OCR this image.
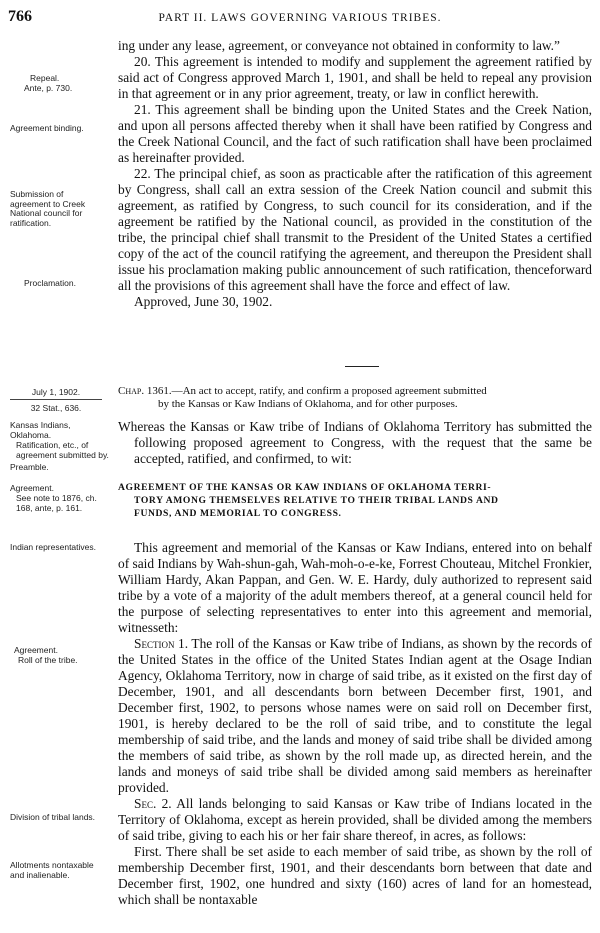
766	PART II. LAWS GOVERNING VARIOUS TRIBES.
Repeal.
Ante, p. 730.
Agreement binding.
Submission of agreement to Creek National council for ratification.
Proclamation.
July 1, 1902.
32 Stat., 636.
Kansas Indians, Oklahoma.
Ratification, etc., of agreement submitted by.
Preamble.
Agreement.
See note to 1876, ch. 168, ante, p. 161.
Indian representatives.
Agreement.
Roll of the tribe.
Division of tribal lands.
Allotments nontaxable and inalienable.

ing under any lease, agreement, or conveyance not obtained in conformity to law.”

20. This agreement is intended to modify and supplement the agreement ratified by said act of Congress approved March 1, 1901, and shall be held to repeal any provision in that agreement or in any prior agreement, treaty, or law in conflict herewith.

21. This agreement shall be binding upon the United States and the Creek Nation, and upon all persons affected thereby when it shall have been ratified by Congress and the Creek National Council, and the fact of such ratification shall have been proclaimed as hereinafter provided.

22. The principal chief, as soon as practicable after the ratification of this agreement by Congress, shall call an extra session of the Creek Nation council and submit this agreement, as ratified by Congress, to such council for its consideration, and if the agreement be ratified by the National council, as provided in the constitution of the tribe, the principal chief shall transmit to the President of the United States a certified copy of the act of the council ratifying the agreement, and thereupon the President shall issue his proclamation making public announcement of such ratification, thenceforward all the provisions of this agreement shall have the force and effect of law.

Approved, June 30, 1902.

Chap. 1361.—An act to accept, ratify, and confirm a proposed agreement submitted
by the Kansas or Kaw Indians of Oklahoma, and for other purposes.

Whereas the Kansas or Kaw tribe of Indians of Oklahoma Territory has submitted the following proposed agreement to Congress, with the request that the same be accepted, ratified, and confirmed, to wit:

AGREEMENT OF THE KANSAS OR KAW INDIANS OF OKLAHOMA TERRI-
TORY AMONG THEMSELVES RELATIVE TO THEIR TRIBAL LANDS AND
FUNDS, AND MEMORIAL TO CONGRESS.

This agreement and memorial of the Kansas or Kaw Indians, entered into on behalf of said Indians by Wah-shun-gah, Wah-moh-o-e-ke, Forrest Chouteau, Mitchel Fronkier, William Hardy, Akan Pappan, and Gen. W. E. Hardy, duly authorized to represent said tribe by a vote of a majority of the adult members thereof, at a general council held for the purpose of selecting representatives to enter into this agreement and memorial, witnesseth:

Section 1. The roll of the Kansas or Kaw tribe of Indians, as shown by the records of the United States in the office of the United States Indian agent at the Osage Indian Agency, Oklahoma Territory, now in charge of said tribe, as it existed on the first day of December, 1901, and all descendants born between December first, 1901, and December first, 1902, to persons whose names were on said roll on December first, 1901, is hereby declared to be the roll of said tribe, and to constitute the legal membership of said tribe, and the lands and money of said tribe shall be divided among the members of said tribe, as shown by the roll made up, as directed herein, and the lands and moneys of said tribe shall be divided among said members as hereinafter provided.

Sec. 2. All lands belonging to said Kansas or Kaw tribe of Indians located in the Territory of Oklahoma, except as herein provided, shall be divided among the members of said tribe, giving to each his or her fair share thereof, in acres, as follows:

First. There shall be set aside to each member of said tribe, as shown by the roll of membership December first, 1901, and their descendants born between that date and December first, 1902, one hundred and sixty (160) acres of land for an homestead, which shall be nontaxable
